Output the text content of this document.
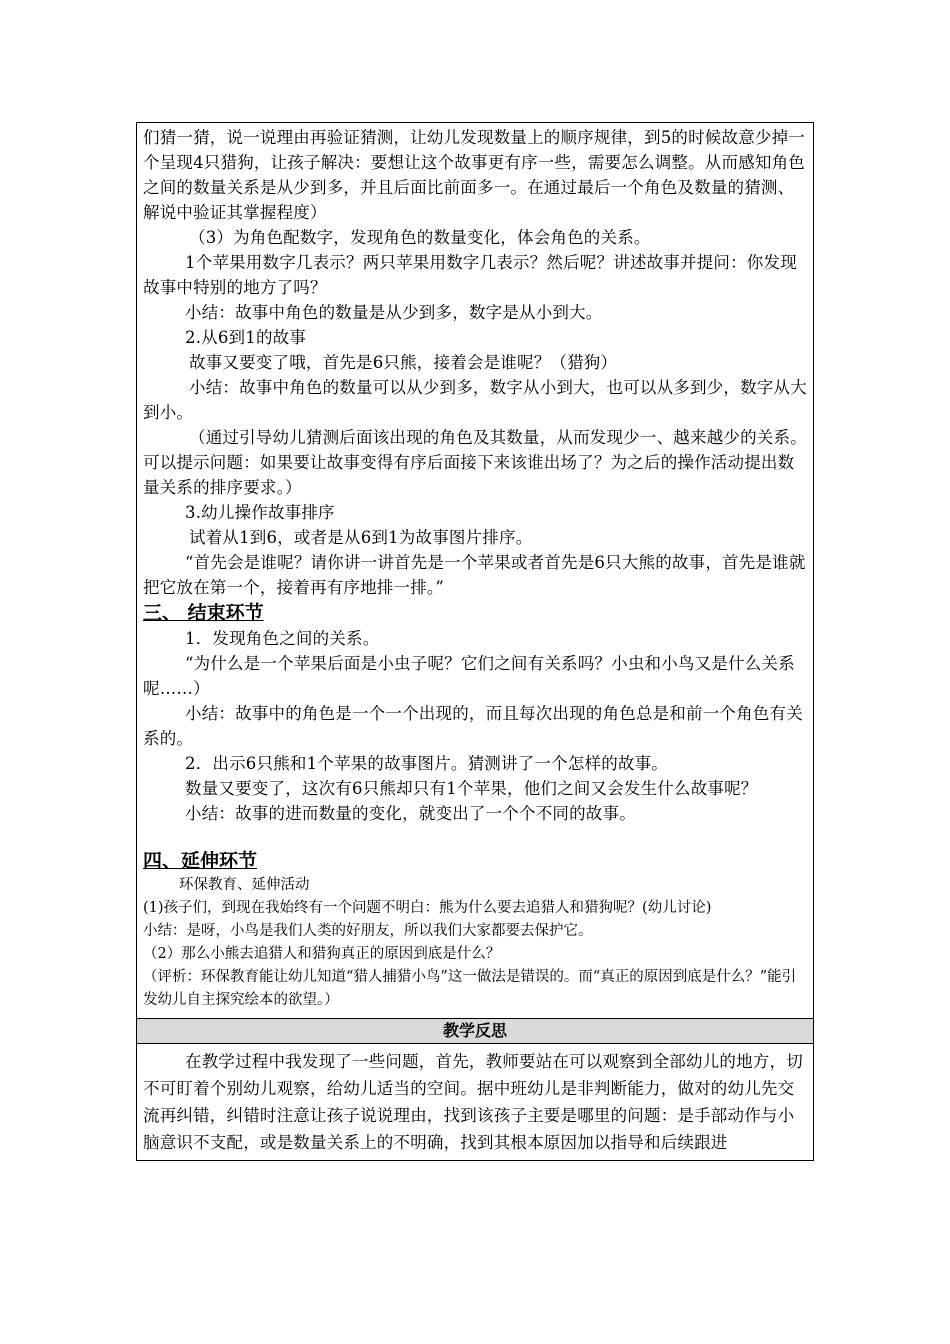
们猜一猜，说一说理由再验证猜测，让幼儿发现数量上的顺序规律，到5的时候故意少掉一个呈现4只猎狗，让孩子解决：要想让这个故事更有序一些，需要怎么调整。从而感知角色之间的数量关系是从少到多，并且后面比前面多一。在通过最后一个角色及数量的猜测、解说中验证其掌握程度）

（3）为角色配数字，发现角色的数量变化，体会角色的关系。

1个苹果用数字几表示？两只苹果用数字几表示？然后呢？讲述故事并提问：你发现故事中特别的地方了吗？

小结：故事中角色的数量是从少到多，数字是从小到大。

2.从6到1的故事

故事又要变了哦，首先是6只熊，接着会是谁呢？（猎狗）

小结：故事中角色的数量可以从少到多，数字从小到大，也可以从多到少，数字从大到小。

（通过引导幼儿猜测后面该出现的角色及其数量，从而发现少一、越来越少的关系。可以提示问题：如果要让故事变得有序后面接下来该谁出场了？为之后的操作活动提出数量关系的排序要求。）

3.幼儿操作故事排序

试着从1到6，或者是从6到1为故事图片排序。

“首先会是谁呢？请你讲一讲首先是一个苹果或者首先是6只大熊的故事，首先是谁就把它放在第一个，接着再有序地排一排。”

三、 结束环节

1．发现角色之间的关系。

“为什么是一个苹果后面是小虫子呢？它们之间有关系吗？小虫和小鸟又是什么关系呢……）

小结：故事中的角色是一个一个出现的，而且每次出现的角色总是和前一个角色有关系的。

2．出示6只熊和1个苹果的故事图片。猜测讲了一个怎样的故事。

数量又要变了，这次有6只熊却只有1个苹果，他们之间又会发生什么故事呢？

小结：故事的进而数量的变化，就变出了一个个不同的故事。

四、延伸环节

环保教育、延伸活动

(1)孩子们，到现在我始终有一个问题不明白：熊为什么要去追猎人和猎狗呢？(幼儿讨论)

小结：是呀，小鸟是我们人类的好朋友，所以我们大家都要去保护它。

（2）那么小熊去追猎人和猎狗真正的原因到底是什么？

（评析：环保教育能让幼儿知道“猎人捕猎小鸟”这一做法是错误的。而“真正的原因到底是什么？”能引发幼儿自主探究绘本的欲望。）

教学反思

在教学过程中我发现了一些问题，首先，教师要站在可以观察到全部幼儿的地方，切不可盯着个别幼儿观察，给幼儿适当的空间。据中班幼儿是非判断能力，做对的幼儿先交流再纠错，纠错时注意让孩子说说理由，找到该孩子主要是哪里的问题：是手部动作与小脑意识不支配，或是数量关系上的不明确，找到其根本原因加以指导和后续跟进
